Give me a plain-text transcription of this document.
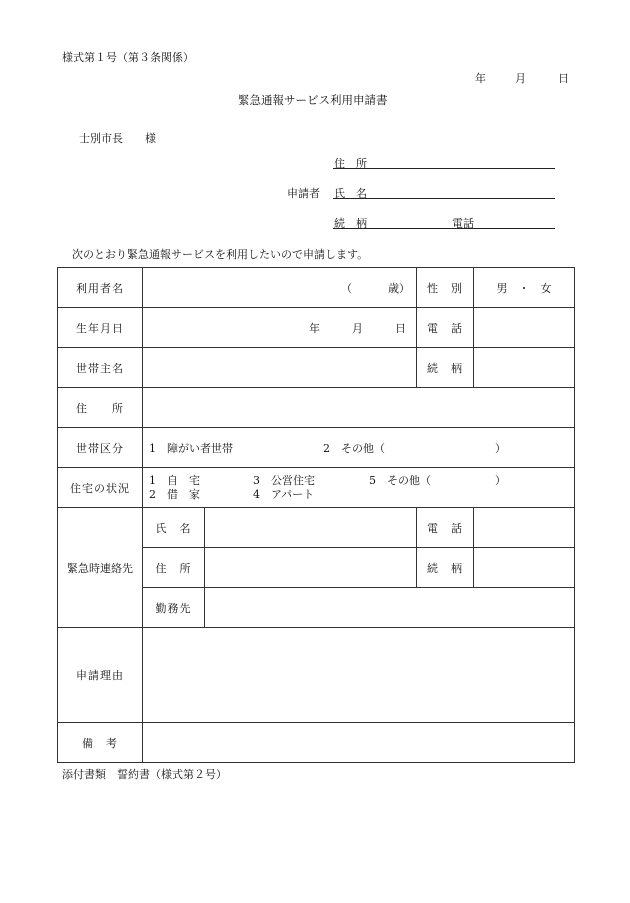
様式第１号（第３条関係）
年	月	日
緊急通報サービス利用申請書
士別市長　　様
住　所
申請者 氏　名
続　柄	電話
次のとおり緊急通報サービスを利用したいので申請します。
利用者名	（ 歳）		性　別	男　・　女
生年月日	年 月 日		電　話	
世帯主名			続　柄	
住　　所				
世帯区分	1　障がい者世帯 2　その他（ ）			
住宅の状況	1　自　宅 3　公営住宅 5　その他（ ）
2　借　家 4　アパート			

緊急時連絡先	氏　名		電　話	
	住　所		続　柄	
	勤務先			
申請理由				
備　考				
添付書類　誓約書（様式第２号）
